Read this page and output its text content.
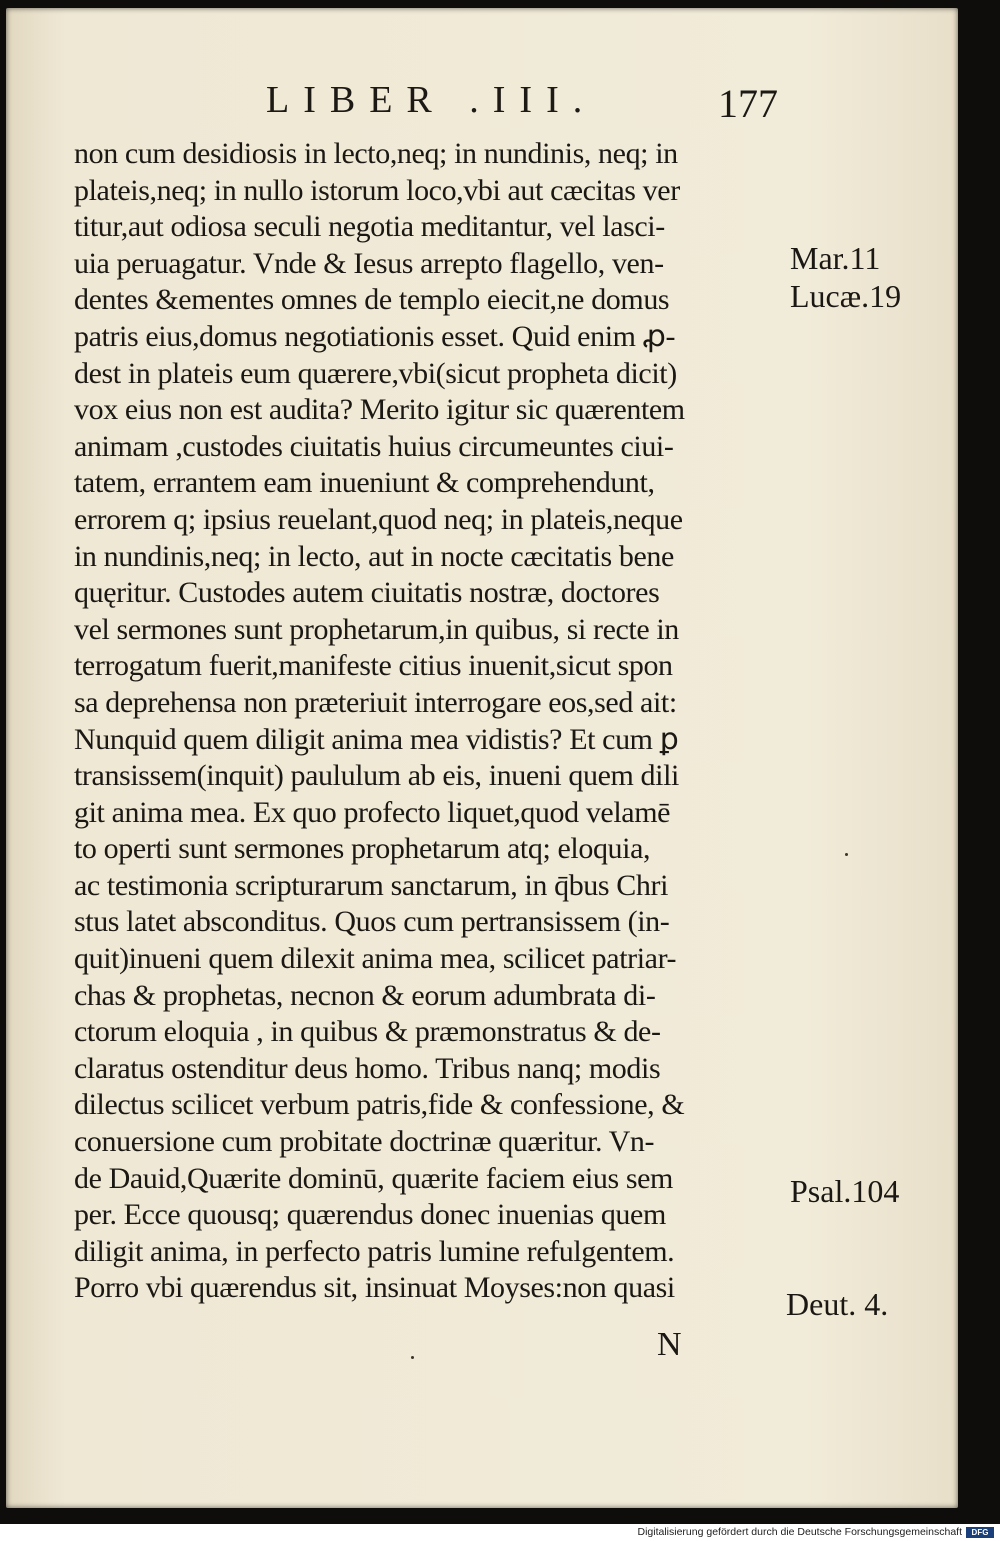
LIBER .III.	177
non cum desidiosis in lecto,neq; in nundinis, neq; in
plateis,neq; in nullo istorum loco,vbi aut cæcitas ver
titur,aut odiosa seculi negotia meditantur, vel lasci-
uia peruagatur. Vnde & Iesus arrepto flagello, ven-
dentes &ementes omnes de templo eiecit,ne domus
patris eius,domus negotiationis esset. Quid enim ꝓ-
dest in plateis eum quærere,vbi(sicut propheta dicit)
vox eius non est audita? Merito igitur sic quærentem
animam ,custodes ciuitatis huius circumeuntes ciui-
tatem, errantem eam inueniunt & comprehendunt,
errorem q; ipsius reuelant,quod neq; in plateis,neque
in nundinis,neq; in lecto, aut in nocte cæcitatis bene
quęritur. Custodes autem ciuitatis nostræ, doctores
vel sermones sunt prophetarum,in quibus, si recte in
terrogatum fuerit,manifeste citius inuenit,sicut spon
sa deprehensa non præteriuit interrogare eos,sed ait:
Nunquid quem diligit anima mea vidistis? Et cum ꝑ
transissem(inquit) paululum ab eis, inueni quem dili
git anima mea. Ex quo profecto liquet,quod velamē
to operti sunt sermones prophetarum atq; eloquia,
ac testimonia scripturarum sanctarum, in q̄bus Chri
stus latet absconditus. Quos cum pertransissem (in-
quit)inueni quem dilexit anima mea, scilicet patriar-
chas & prophetas, necnon & eorum adumbrata di-
ctorum eloquia , in quibus & præmonstratus & de-
claratus ostenditur deus homo. Tribus nanq; modis
dilectus scilicet verbum patris,fide & confessione, &
conuersione cum probitate doctrinæ quæritur. Vn-
de Dauid,Quærite dominū, quærite faciem eius sem
per. Ecce quousq; quærendus donec inuenias quem
diligit anima, in perfecto patris lumine refulgentem.
Porro vbi quærendus sit, insinuat Moyses:non quasi
Mar.11
Lucæ.19
Psal.104
Deut. 4.
N
Digitalisierung gefördert durch die Deutsche Forschungsgemeinschaft	DFG
